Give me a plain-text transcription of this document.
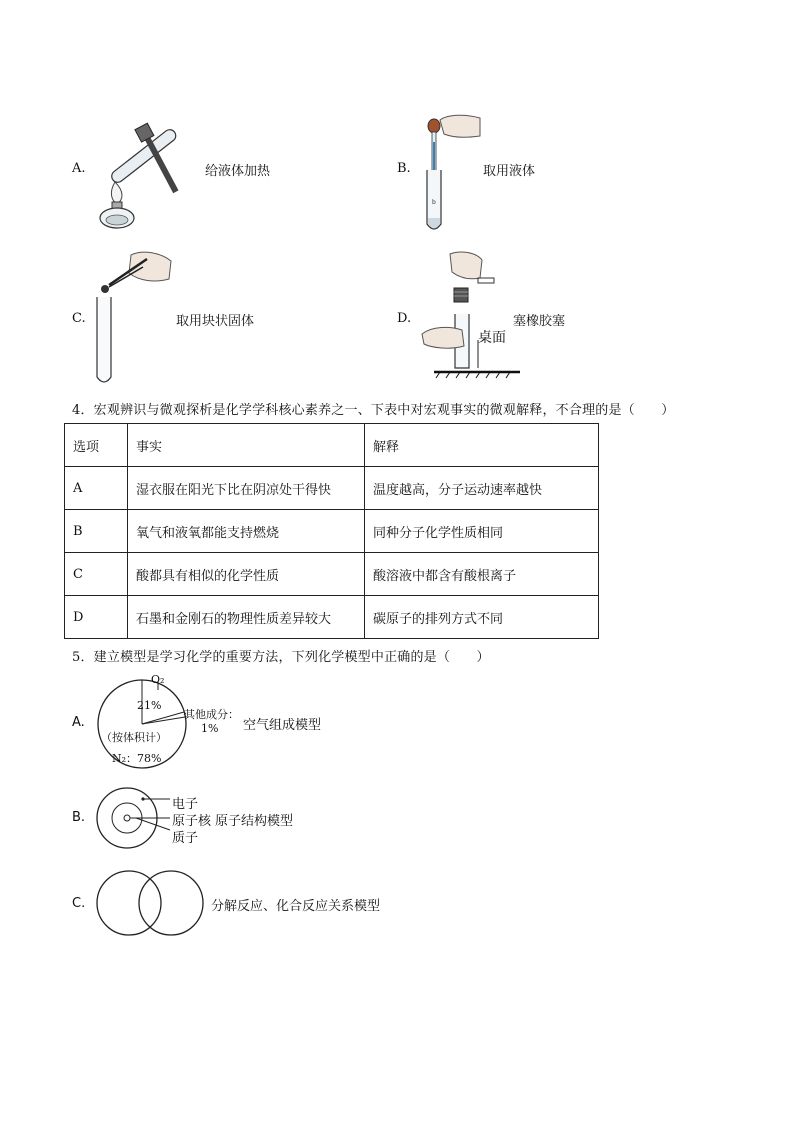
A.	给液体加热	B.
b
取用液体
C.	取用块状固体	D.
桌面
塞橡胶塞
4．宏观辨识与微观探析是化学学科核心素养之一、下表中对宏观事实的微观解释，不合理的是（　　）
选项	事实	解释
A	湿衣服在阳光下比在阴凉处干得快	温度越高，分子运动速率越快
B	氧气和液氧都能支持燃烧	同种分子化学性质相同
C	酸都具有相似的化学性质	酸溶液中都含有酸根离子
D	石墨和金刚石的物理性质差异较大	碳原子的排列方式不同
5．建立模型是学习化学的重要方法，下列化学模型中正确的是（　　）
A.
O₂
21%
其他成分：
1%
（按体积计）
N₂：78%
空气组成模型
B.
电子
原子核
质子
原子结构模型
C.	分解反应、化合反应关系模型
